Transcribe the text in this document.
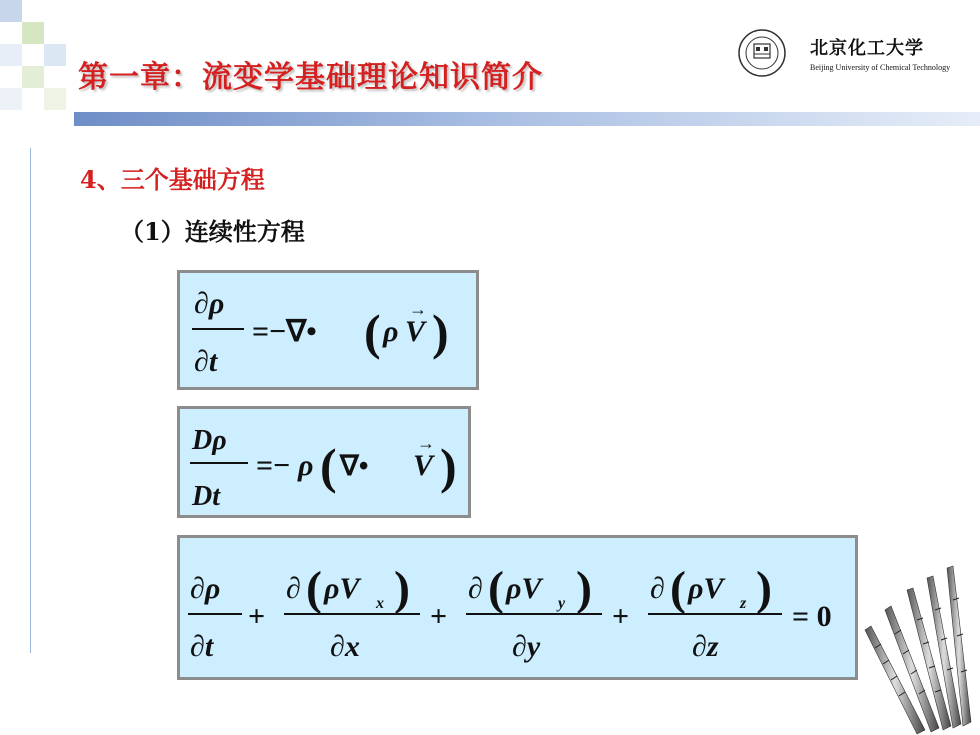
第一章：流变学基础理论知识简介
北京化工大学
Beijing University of Chemical Technology
4、三个基础方程
（1）连续性方程
∂ρ
∂t
=−∇• ( ρ V
→ )
Dρ
Dt
=− ρ ( ∇• V
→ )
∂ρ
∂t
+
∂ ( ρV x )
∂x
+
∂ ( ρV y )
∂y
+
∂ ( ρV z )
∂z
= 0
